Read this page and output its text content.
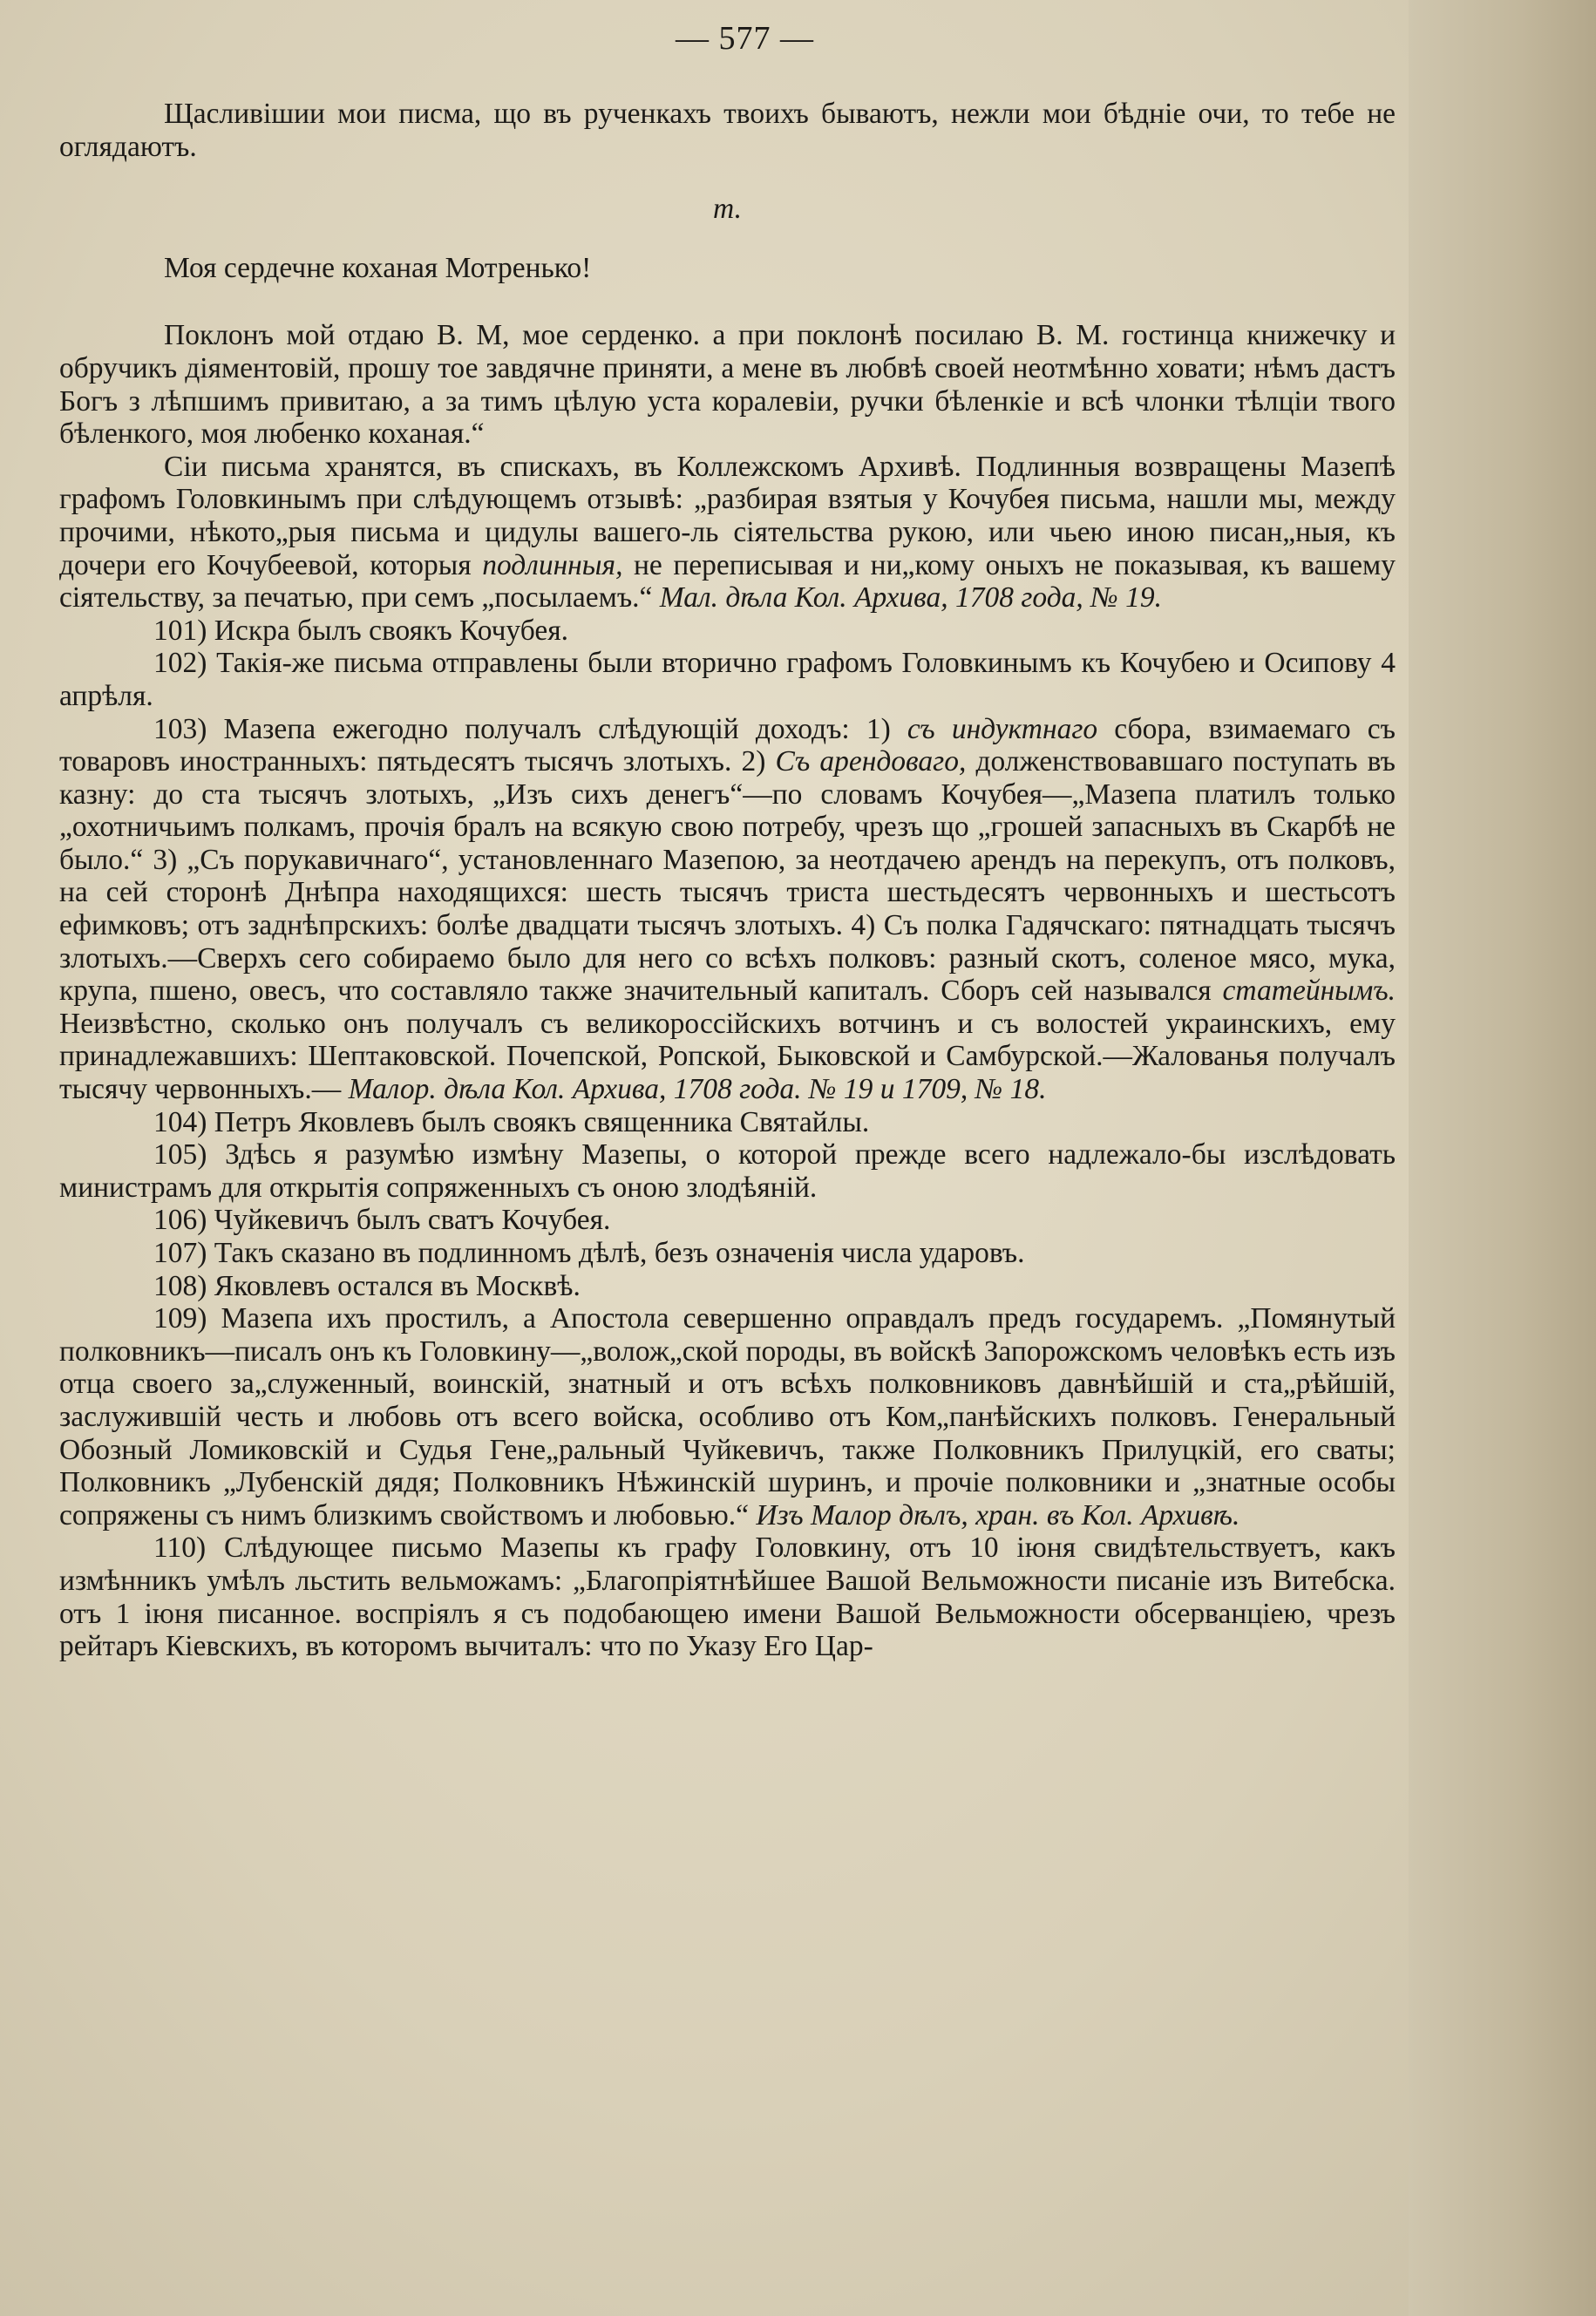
— 577 —

Щасливiшии мои писма, що въ рученкахъ твоихъ бываютъ, нежли мои бѣднiе очи, то тебе не оглядаютъ.

т.

Моя сердечне коханая Мотренько!

Поклонъ мой отдаю В. М, мое серденко. а при поклонѣ посилаю В. М. гостинца книжечку и обручикъ дiяментовiй, прошу тое завдячне приняти, а мене въ любвѣ своей неотмѣнно ховати; нѣмъ дастъ Богъ з лѣпшимъ привитаю, а за тимъ цѣлую уста коралевiи, ручки бѣленкiе и всѣ члонки тѣлцiи твого бѣленкого, моя любенко коханая.“

Сiи письма хранятся, въ спискахъ, въ Коллежскомъ Архивѣ. Подлинныя возвращены Мазепѣ графомъ Головкинымъ при слѣдующемъ отзывѣ: „разбирая взятыя у Кочубея письма, нашли мы, между прочими, нѣкото„рыя письма и цидулы вашего-ль сiятельства рукою, или чьею иною писан„ныя, къ дочери его Кочубеевой, которыя подлинныя, не переписывая и ни„кому оныхъ не показывая, къ вашему сiятельству, за печатью, при семъ „посылаемъ.“ Мал. дѣла Кол. Архива, 1708 года, № 19.

101) Искра былъ своякъ Кочубея.

102) Такiя-же письма отправлены были вторично графомъ Головкинымъ къ Кочубею и Осипову 4 апрѣля.

103) Мазепа ежегодно получалъ слѣдующiй доходъ: 1) съ индуктнаго сбора, взимаемаго съ товаровъ иностранныхъ: пятьдесятъ тысячъ злотыхъ. 2) Съ арендоваго, долженствовавшаго поступать въ казну: до ста тысячъ злотыхъ, „Изъ сихъ денегъ“—по словамъ Кочубея—„Мазепа платилъ только „охотничьимъ полкамъ, прочiя бралъ на всякую свою потребу, чрезъ що „грошей запасныхъ въ Скарбѣ не было.“ 3) „Съ порукавичнаго“, установленнаго Мазепою, за неотдачею арендъ на перекупъ, отъ полковъ, на сей сторонѣ Днѣпра находящихся: шесть тысячъ триста шестьдесятъ червонныхъ и шестьсотъ ефимковъ; отъ заднѣпрскихъ: болѣе двадцати тысячъ злотыхъ. 4) Съ полка Гадячскаго: пятнадцать тысячъ злотыхъ.—Сверхъ сего собираемо было для него со всѣхъ полковъ: разный скотъ, соленое мясо, мука, крупа, пшено, овесъ, что составляло также значительный капиталъ. Сборъ сей назывался статейнымъ. Неизвѣстно, сколько онъ получалъ съ великороссiйскихъ вотчинъ и съ волостей украинскихъ, ему принадлежавшихъ: Шептаковской. Почепской, Ропской, Быковской и Самбурской.—Жалованья получалъ тысячу червонныхъ.— Малор. дѣла Кол. Архива, 1708 года. № 19 и 1709, № 18.

104) Петръ Яковлевъ былъ своякъ священника Святайлы.

105) Здѣсь я разумѣю измѣну Мазепы, о которой прежде всего надлежало-бы изслѣдовать министрамъ для открытiя сопряженныхъ съ оною злодѣянiй.

106) Чуйкевичъ былъ сватъ Кочубея.

107) Такъ сказано въ подлинномъ дѣлѣ, безъ означенiя числа ударовъ.

108) Яковлевъ остался въ Москвѣ.

109) Мазепа ихъ простилъ, а Апостола севершенно оправдалъ предъ государемъ. „Помянутый полковникъ—писалъ онъ къ Головкину—„волож„ской породы, въ войскѣ Запорожскомъ человѣкъ есть изъ отца своего за„служенный, воинскiй, знатный и отъ всѣхъ полковниковъ давнѣйшiй и ста„рѣйшiй, заслужившiй честь и любовь отъ всего войска, особливо отъ Ком„панѣйскихъ полковъ. Генеральный Обозный Ломиковскiй и Судья Гене„ральный Чуйкевичъ, также Полковникъ Прилуцкiй, его сваты; Полковникъ „Лубенскiй дядя; Полковникъ Нѣжинскiй шуринъ, и прочiе полковники и „знатные особы сопряжены съ нимъ близкимъ свойствомъ и любовью.“ Изъ Малор дѣлъ, хран. въ Кол. Архивѣ.

110) Слѣдующее письмо Мазепы къ графу Головкину, отъ 10 iюня свидѣтельствуетъ, какъ измѣнникъ умѣлъ льстить вельможамъ: „Благопрiятнѣйшее Вашой Вельможности писанiе изъ Витебска. отъ 1 iюня писанное. воспрiялъ я съ подобающею имени Вашой Вельможности обсерванцiею, чрезъ рейтаръ Кiевскихъ, въ которомъ вычиталъ: что по Указу Его Цар-
